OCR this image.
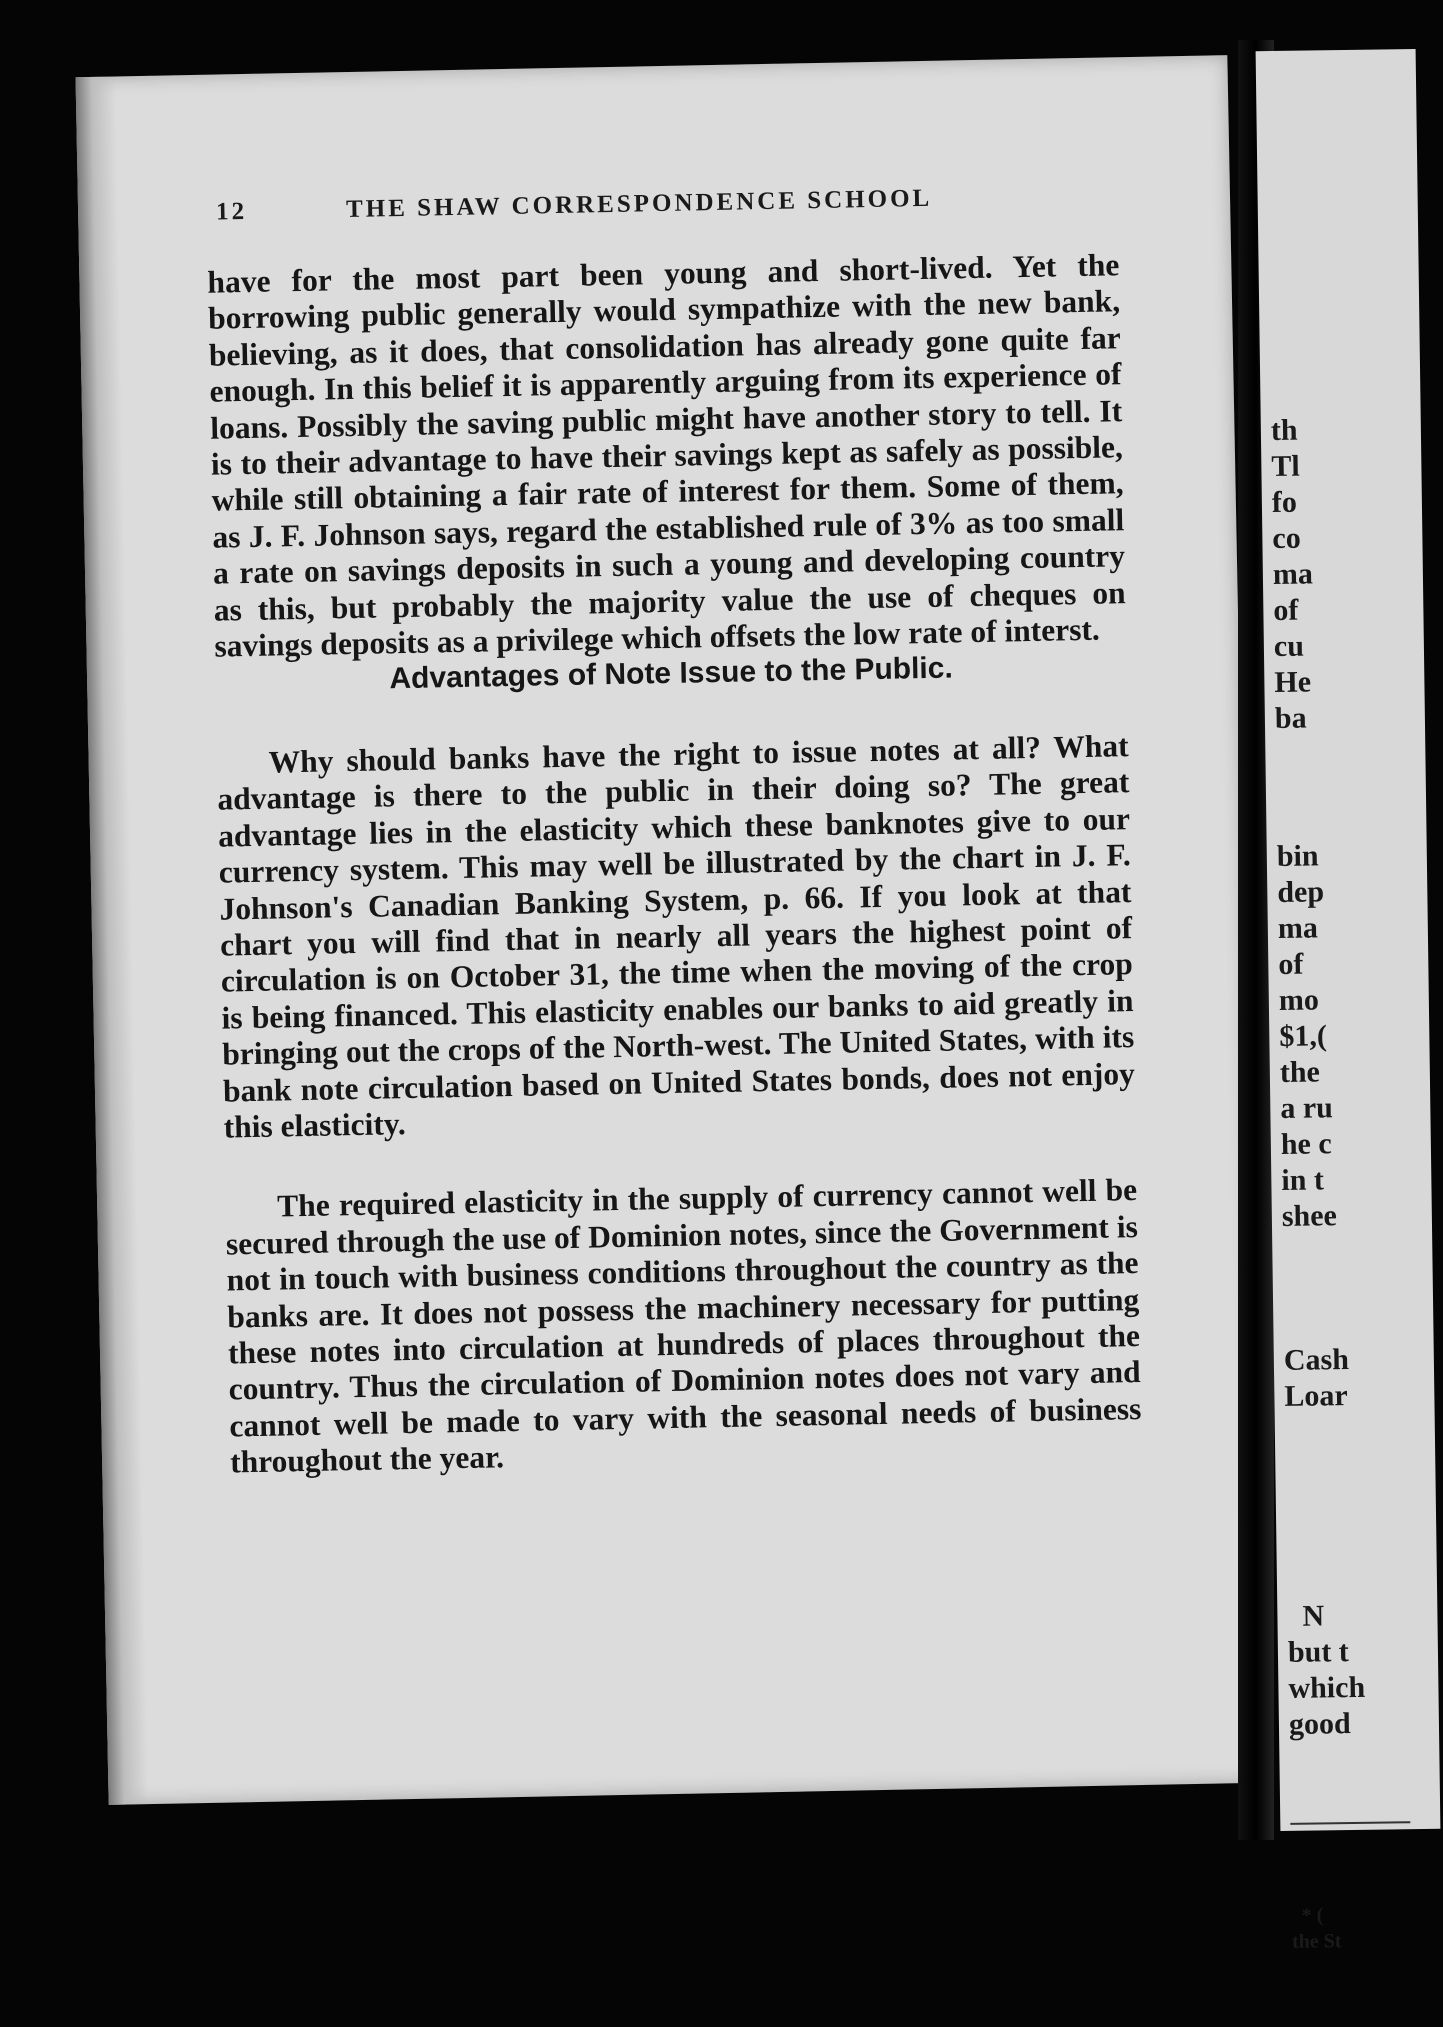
12	THE SHAW CORRESPONDENCE SCHOOL

have for the most part been young and short-lived. Yet the borrowing public generally would sympathize with the new bank, believing, as it does, that consolidation has already gone quite far enough. In this belief it is apparently arguing from its experience of loans. Possibly the saving public might have another story to tell. It is to their advantage to have their savings kept as safely as possible, while still obtaining a fair rate of interest for them. Some of them, as J. F. Johnson says, regard the established rule of 3% as too small a rate on savings deposits in such a young and developing country as this, but probably the majority value the use of cheques on savings deposits as a privilege which offsets the low rate of interst.

Advantages of Note Issue to the Public.

Why should banks have the right to issue notes at all? What advantage is there to the public in their doing so? The great advantage lies in the elasticity which these banknotes give to our currency system. This may well be illustrated by the chart in J. F. Johnson's Canadian Banking System, p. 66. If you look at that chart you will find that in nearly all years the highest point of circulation is on October 31, the time when the moving of the crop is being financed. This elasticity enables our banks to aid greatly in bringing out the crops of the North-west. The United States, with its bank note circulation based on United States bonds, does not enjoy this elasticity.

The required elasticity in the supply of currency cannot well be secured through the use of Dominion notes, since the Government is not in touch with business conditions throughout the country as the banks are. It does not possess the machinery necessary for putting these notes into circulation at hundreds of places throughout the country. Thus the circulation of Dominion notes does not vary and cannot well be made to vary with the seasonal needs of business throughout the year.

th
Tl
fo
co
ma
of
cu
He
ba

bin
dep
ma
of
mo
$1,(
the
a ru
he c
in t
shee

Cash
Loar

N
but t
which
good

* (
the St
